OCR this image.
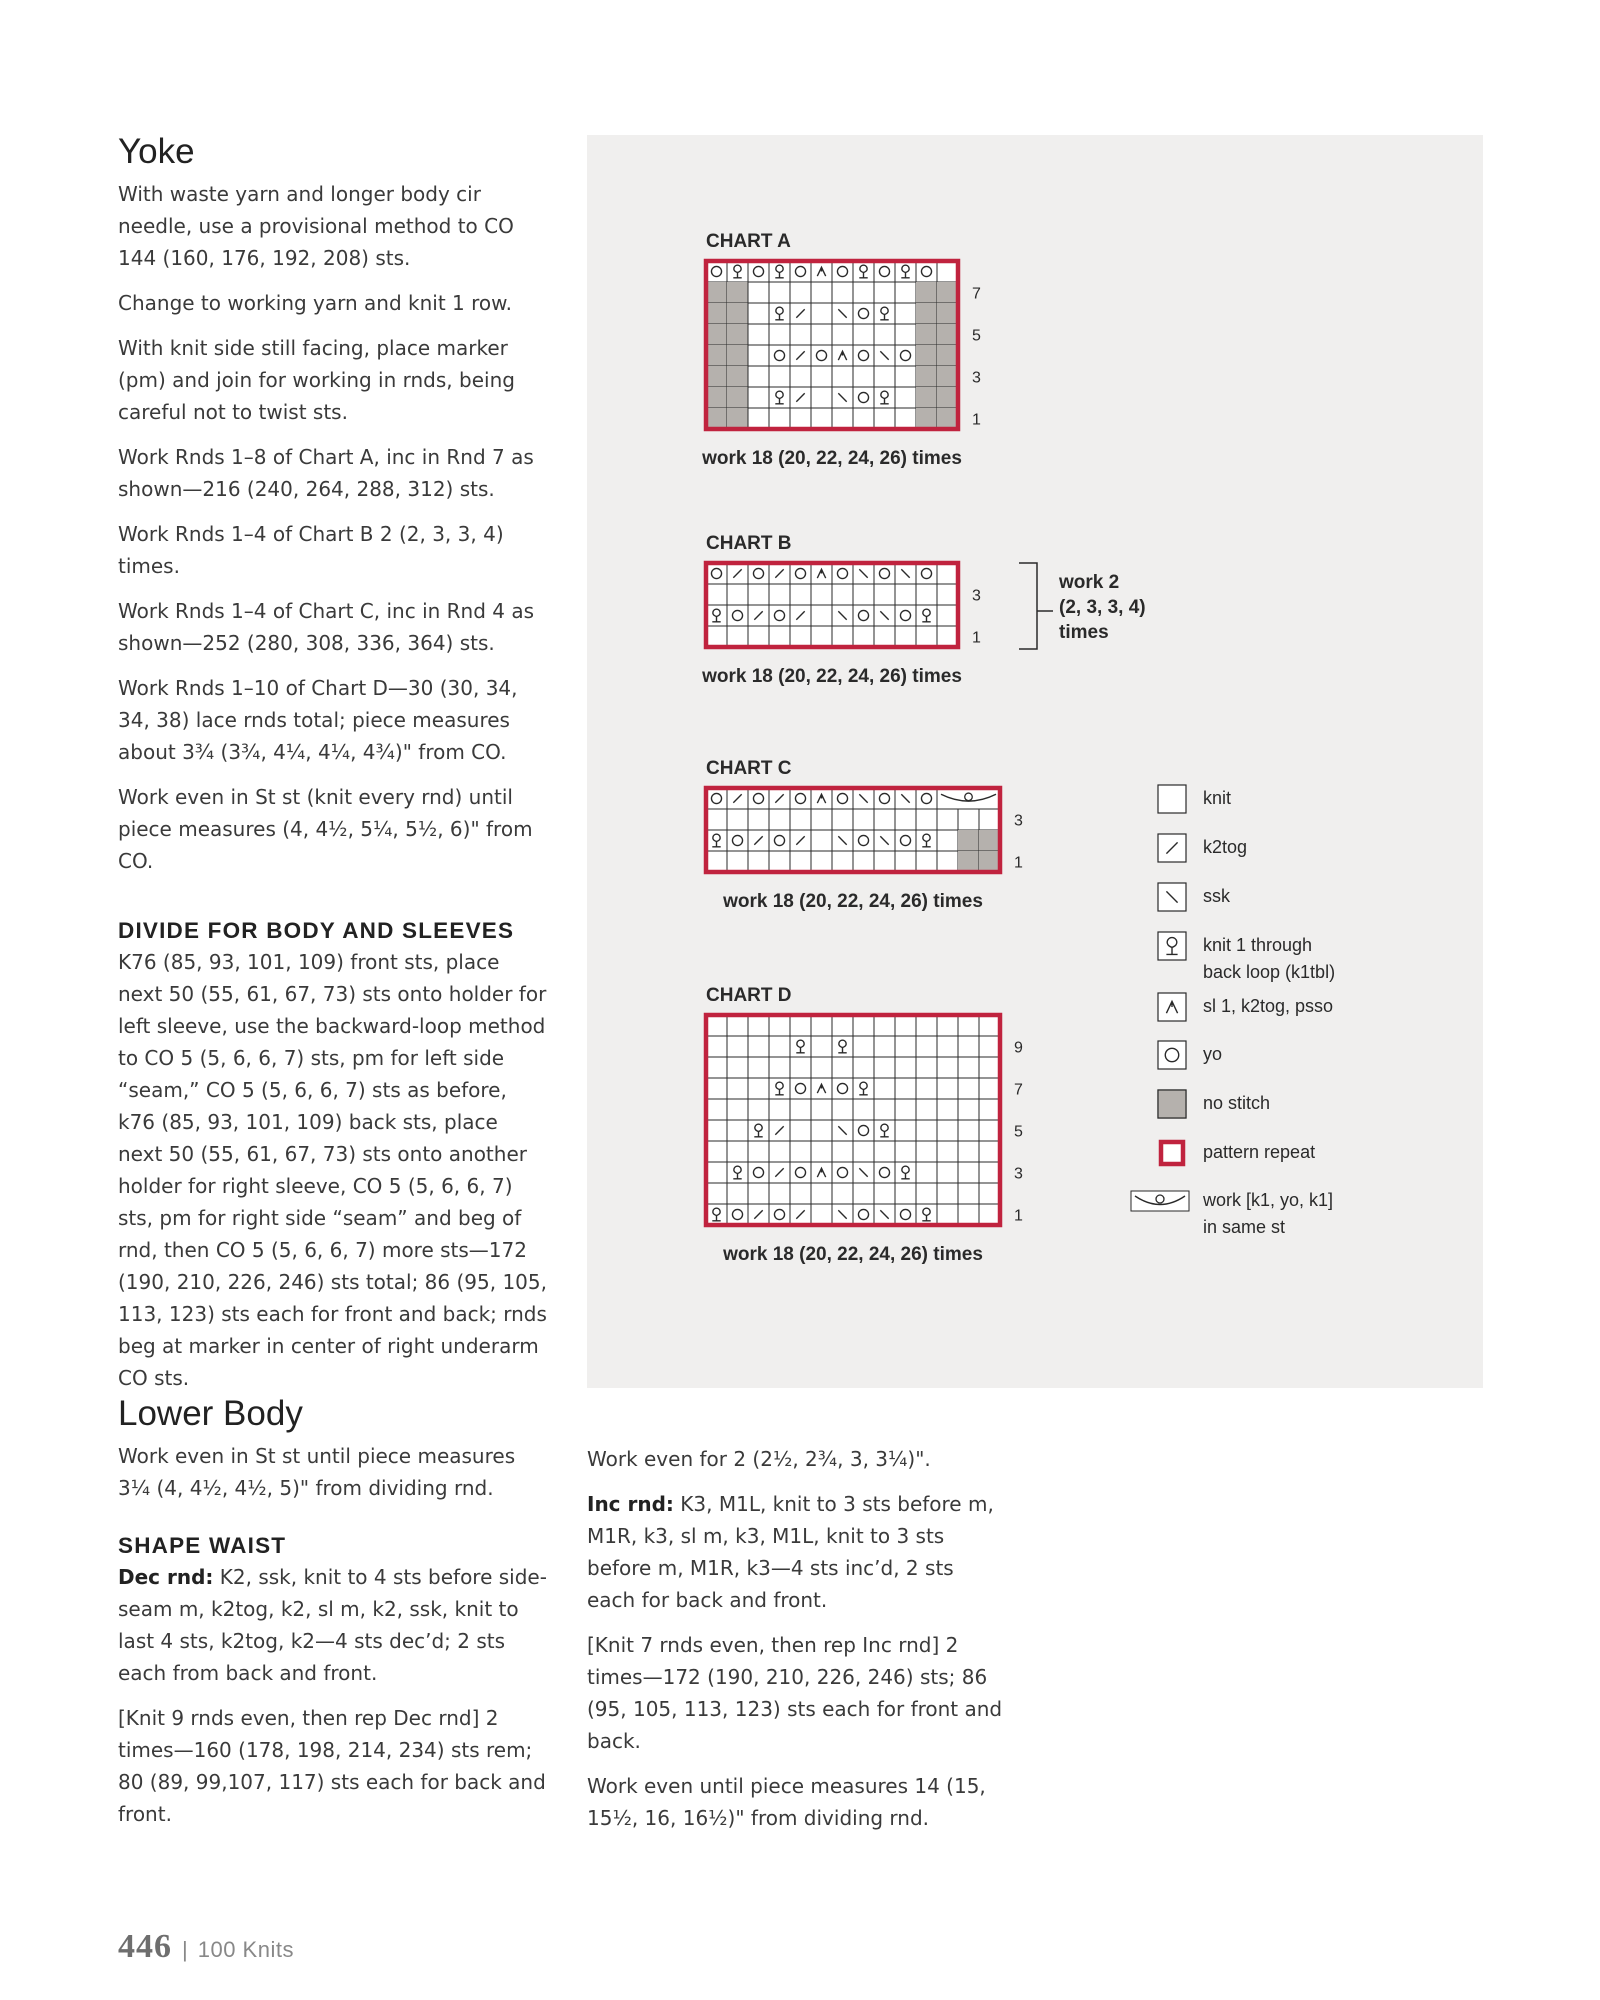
Yoke

With waste yarn and longer body cir needle, use a provisional method to CO 144 (160, 176, 192, 208) sts.

Change to working yarn and knit 1 row.

With knit side still facing, place marker (pm) and join for working in rnds, being careful not to twist sts.

Work Rnds 1–8 of Chart A, inc in Rnd 7 as shown—216 (240, 264, 288, 312) sts.

Work Rnds 1–4 of Chart B 2 (2, 3, 3, 4) times.

Work Rnds 1–4 of Chart C, inc in Rnd 4 as shown—252 (280, 308, 336, 364) sts.

Work Rnds 1–10 of Chart D—30 (30, 34, 34, 38) lace rnds total; piece measures about 3¾ (3¾, 4¼, 4¼, 4¾)" from CO.

Work even in St st (knit every rnd) until piece measures (4, 4½, 5¼, 5½, 6)" from CO.

DIVIDE FOR BODY AND SLEEVES

K76 (85, 93, 101, 109) front sts, place next 50 (55, 61, 67, 73) sts onto holder for left sleeve, use the backward-loop method to CO 5 (5, 6, 6, 7) sts, pm for left side “seam,” CO 5 (5, 6, 6, 7) sts as before, k76 (85, 93, 101, 109) back sts, place next 50 (55, 61, 67, 73) sts onto another holder for right sleeve, CO 5 (5, 6, 6, 7) sts, pm for right side “seam” and beg of rnd, then CO 5 (5, 6, 6, 7) more sts—172 (190, 210, 226, 246) sts total; 86 (95, 105, 113, 123) sts each for front and back; rnds beg at marker in center of right underarm CO sts.

Lower Body

Work even in St st until piece measures 3¼ (4, 4½, 4½, 5)" from dividing rnd.

SHAPE WAIST

Dec rnd: K2, ssk, knit to 4 sts before side-seam m, k2tog, k2, sl m, k2, ssk, knit to last 4 sts, k2tog, k2—4 sts dec’d; 2 sts each from back and front.

[Knit 9 rnds even, then rep Dec rnd] 2 times—160 (178, 198, 214, 234) sts rem; 80 (89, 99,107, 117) sts each for back and front.

Work even for 2 (2½, 2¾, 3, 3¼)".

Inc rnd: K3, M1L, knit to 3 sts before m, M1R, k3, sl m, k3, M1L, knit to 3 sts before m, M1R, k3—4 sts inc’d, 2 sts each for back and front.

[Knit 7 rnds even, then rep Inc rnd] 2 times—172 (190, 210, 226, 246) sts; 86 (95, 105, 113, 123) sts each for front and back.

Work even until piece measures 14 (15, 15½, 16, 16½)" from dividing rnd.

CHART A
7
5
3
1
work 18 (20, 22, 24, 26) times
CHART B
3
1
work 18 (20, 22, 24, 26) times
CHART C
3
1
work 18 (20, 22, 24, 26) times
CHART D
9
7
5
3
1
work 18 (20, 22, 24, 26) times
work 2
(2, 3, 3, 4)
times
knit
k2tog
ssk
knit 1 through
back loop (k1tbl)
sl 1, k2tog, psso
yo
no stitch
pattern repeat
work [k1, yo, k1]
in same st
446 | 100 Knits
